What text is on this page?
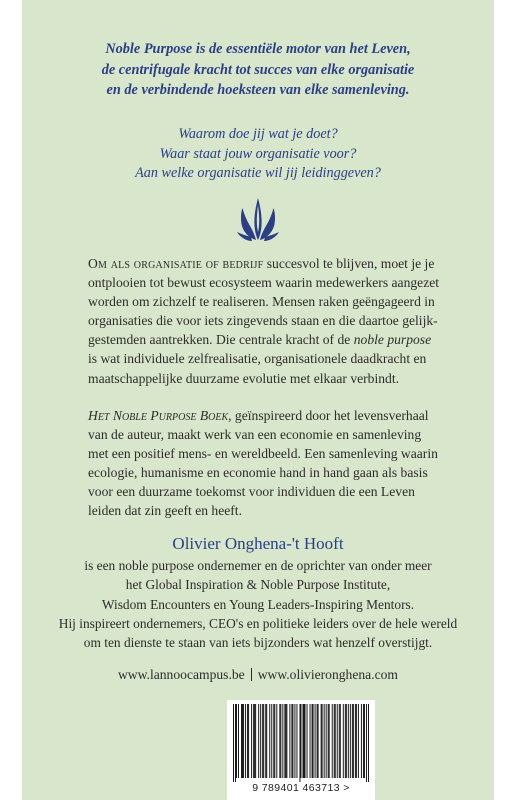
Noble Purpose is de essentiële motor van het Leven,
de centrifugale kracht tot succes van elke organisatie
en de verbindende hoeksteen van elke samenleving.
Waarom doe jij wat je doet?
Waar staat jouw organisatie voor?
Aan welke organisatie wil jij leidinggeven?
Om als organisatie of bedrijf succesvol te blijven, moet je je
ontplooien tot bewust ecosysteem waarin medewerkers aangezet
worden om zichzelf te realiseren. Mensen raken geëngageerd in
organisaties die voor iets zingevends staan en die daartoe gelijk-
gestemden aantrekken. Die centrale kracht of de noble purpose
is wat individuele zelfrealisatie, organisationele daadkracht en
maatschappelijke duurzame evolutie met elkaar verbindt.
Het Noble Purpose Boek, geïnspireerd door het levensverhaal
van de auteur, maakt werk van een economie en samenleving
met een positief mens- en wereldbeeld. Een samenleving waarin
ecologie, humanisme en economie hand in hand gaan als basis
voor een duurzame toekomst voor individuen die een Leven
leiden dat zin geeft en heeft.
Olivier Onghena-'t Hooft
is een noble purpose ondernemer en de oprichter van onder meer
het Global Inspiration & Noble Purpose Institute,
Wisdom Encounters en Young Leaders-Inspiring Mentors.
Hij inspireert ondernemers, CEO's en politieke leiders over de hele wereld
om ten dienste te staan van iets bijzonders wat henzelf overstijgt.
www.lannoocampus.be www.olivieronghena.com
9 789401 463713 >
